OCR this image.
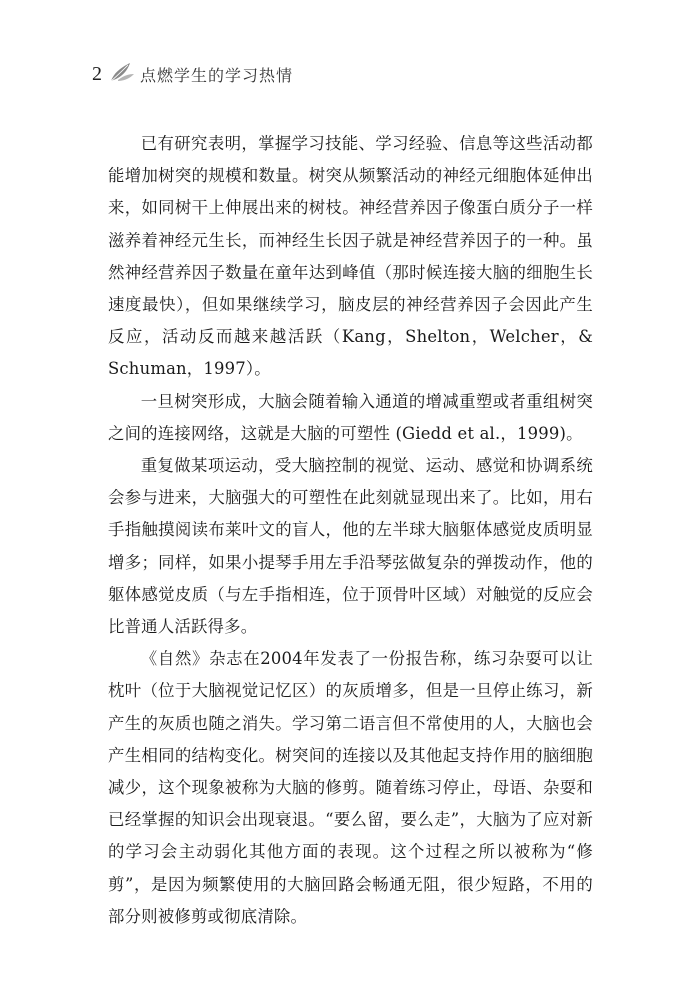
2 点燃学生的学习热情

已有研究表明，掌握学习技能、学习经验、信息等这些活动都能增加树突的规模和数量。树突从频繁活动的神经元细胞体延伸出来，如同树干上伸展出来的树枝。神经营养因子像蛋白质分子一样滋养着神经元生长，而神经生长因子就是神经营养因子的一种。虽然神经营养因子数量在童年达到峰值（那时候连接大脑的细胞生长速度最快），但如果继续学习，脑皮层的神经营养因子会因此产生反应，活动反而越来越活跃（Kang，Shelton，Welcher，& Schuman，1997）。

一旦树突形成，大脑会随着输入通道的增减重塑或者重组树突之间的连接网络，这就是大脑的可塑性 (Giedd et al.，1999)。

重复做某项运动，受大脑控制的视觉、运动、感觉和协调系统会参与进来，大脑强大的可塑性在此刻就显现出来了。比如，用右手指触摸阅读布莱叶文的盲人，他的左半球大脑躯体感觉皮质明显增多；同样，如果小提琴手用左手沿琴弦做复杂的弹拨动作，他的躯体感觉皮质（与左手指相连，位于顶骨叶区域）对触觉的反应会比普通人活跃得多。

《自然》杂志在2004年发表了一份报告称，练习杂耍可以让枕叶（位于大脑视觉记忆区）的灰质增多，但是一旦停止练习，新产生的灰质也随之消失。学习第二语言但不常使用的人，大脑也会产生相同的结构变化。树突间的连接以及其他起支持作用的脑细胞减少，这个现象被称为大脑的修剪。随着练习停止，母语、杂耍和已经掌握的知识会出现衰退。“要么留，要么走”，大脑为了应对新的学习会主动弱化其他方面的表现。这个过程之所以被称为“修剪”，是因为频繁使用的大脑回路会畅通无阻，很少短路，不用的部分则被修剪或彻底清除。
